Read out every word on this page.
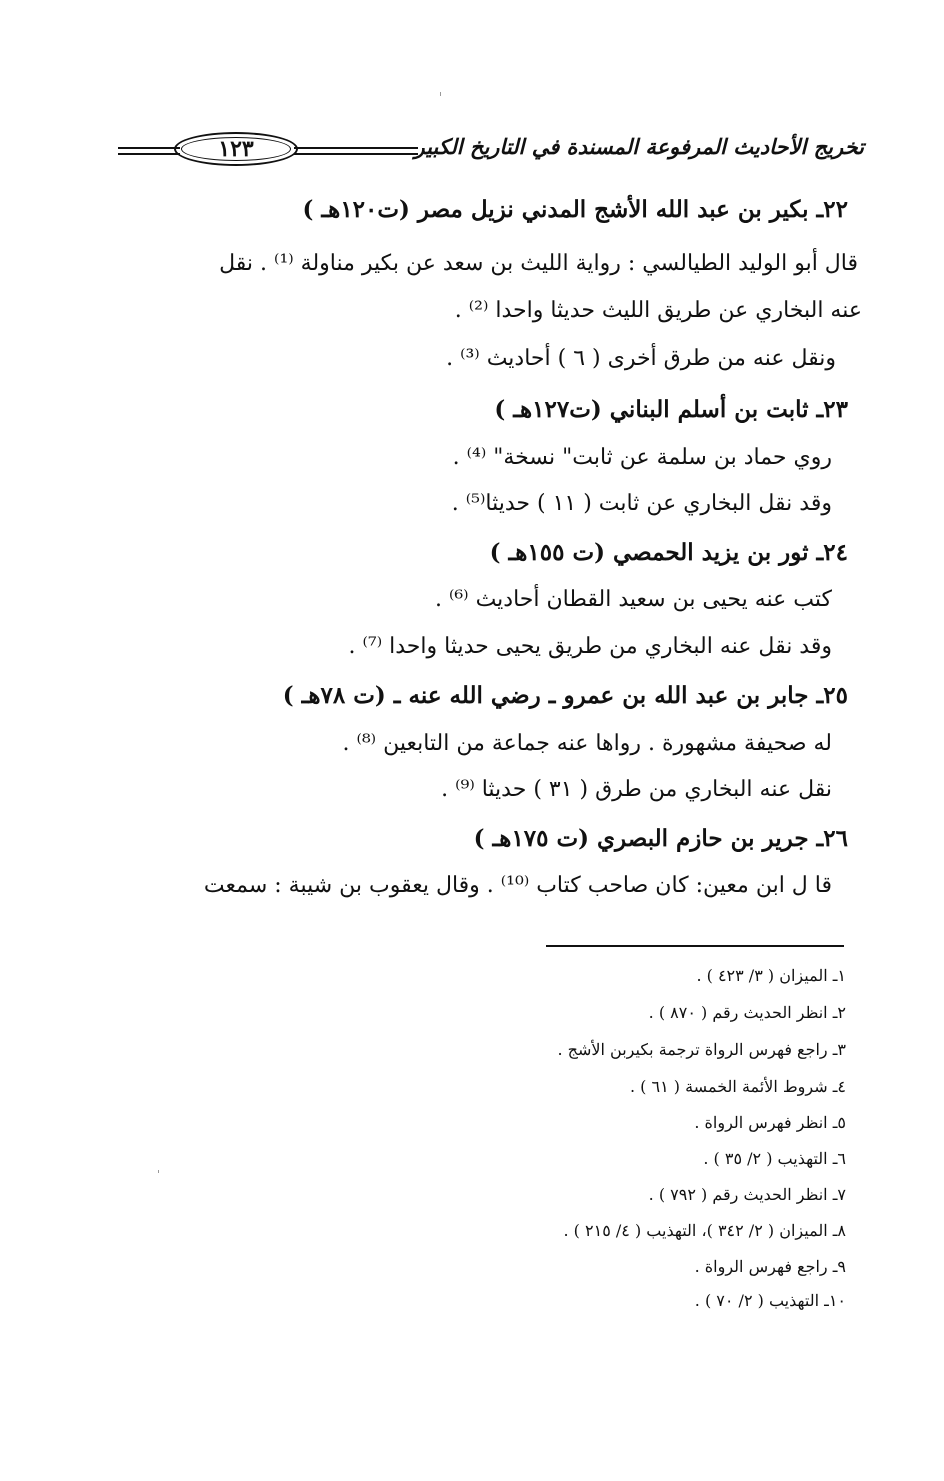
١٢٣	تخريج الأحاديث المرفوعة المسندة في التاريخ الكبير
٢٢ـ بكير بن عبد الله الأشج المدني نزيل مصر (ت١٢٠هـ )
قال أبو الوليد الطيالسي : رواية الليث بن سعد عن بكير مناولة ⁽¹⁾ . نقل
عنه البخاري عن طريق الليث حديثا واحدا ⁽²⁾ .
ونقل عنه من طرق أخرى ( ٦ ) أحاديث ⁽³⁾ .
٢٣ـ ثابت بن أسلم البناني (ت١٢٧هـ )
روي حماد بن سلمة عن ثابت" نسخة" ⁽⁴⁾ .
وقد نقل البخاري عن ثابت ( ١١ ) حديثا⁽⁵⁾ .
٢٤ـ ثور بن يزيد الحمصي (ت ١٥٥هـ )
كتب عنه يحيى بن سعيد القطان أحاديث ⁽⁶⁾ .
وقد نقل عنه البخاري من طريق يحيى حديثا واحدا ⁽⁷⁾ .
٢٥ـ جابر بن عبد الله بن عمرو ـ رضي الله عنه ـ (ت ٧٨هـ )
له صحيفة مشهورة . رواها عنه جماعة من التابعين ⁽⁸⁾ .
نقل عنه البخاري من طرق ( ٣١ ) حديثا ⁽⁹⁾ .
٢٦ـ جرير بن حازم البصري (ت ١٧٥هـ )
قا ل ابن معين: كان صاحب كتاب ⁽¹⁰⁾ . وقال يعقوب بن شيبة : سمعت
١ـ الميزان ( ٣/ ٤٢٣ ) .
٢ـ انظر الحديث رقم ( ٨٧٠ ) .
٣ـ راجع فهرس الرواة ترجمة بكيربن الأشج .
٤ـ شروط الأئمة الخمسة ( ٦١ ) .
٥ـ انظر فهرس الرواة .
٦ـ التهذيب ( ٢/ ٣٥ ) .
٧ـ انظر الحديث رقم ( ٧٩٢ ) .
٨ـ الميزان ( ٢/ ٣٤٢ )، التهذيب ( ٤/ ٢١٥ ) .
٩ـ راجع فهرس الرواة .
١٠ـ التهذيب ( ٢/ ٧٠ ) .
